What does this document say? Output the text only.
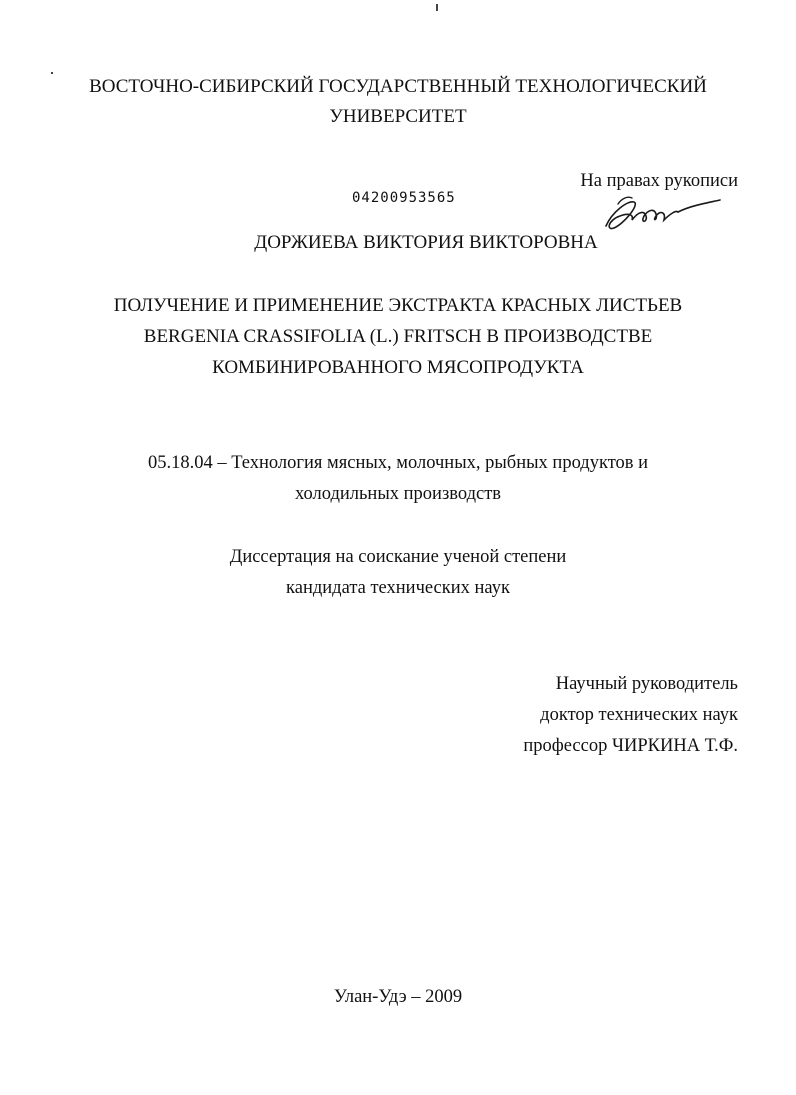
ВОСТОЧНО-СИБИРСКИЙ ГОСУДАРСТВЕННЫЙ ТЕХНОЛОГИЧЕСКИЙ
УНИВЕРСИТЕТ
На правах рукописи
04200953565
ДОРЖИЕВА ВИКТОРИЯ ВИКТОРОВНА
ПОЛУЧЕНИЕ И ПРИМЕНЕНИЕ ЭКСТРАКТА КРАСНЫХ ЛИСТЬЕВ
BERGENIA CRASSIFOLIA (L.) FRITSCH В ПРОИЗВОДСТВЕ
КОМБИНИРОВАННОГО МЯСОПРОДУКТА
05.18.04 – Технология мясных, молочных, рыбных продуктов и
холодильных производств
Диссертация на соискание ученой степени
кандидата технических наук
Научный руководитель
доктор технических наук
профессор ЧИРКИНА Т.Ф.
Улан-Удэ – 2009
